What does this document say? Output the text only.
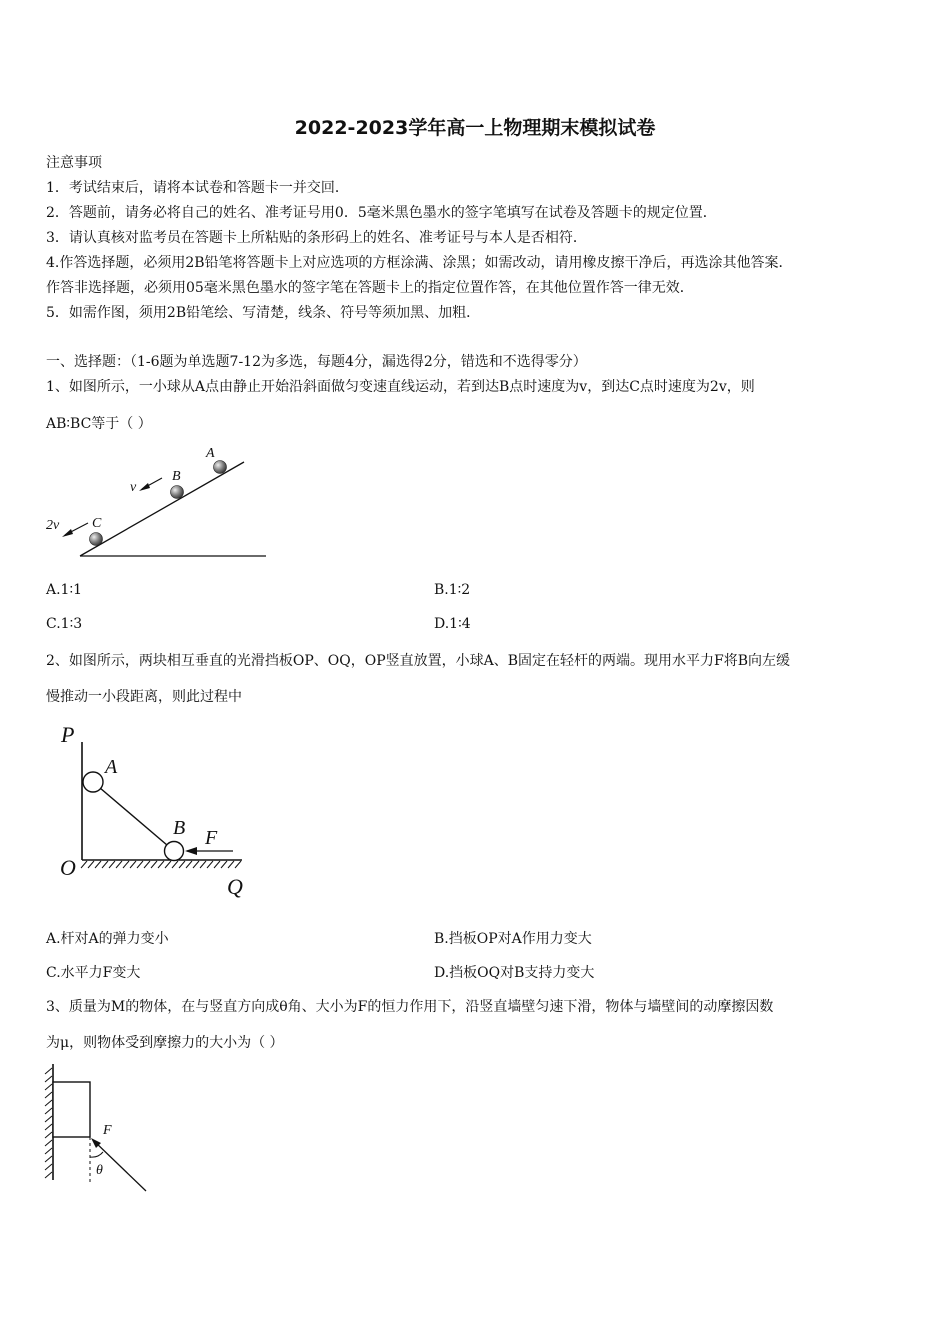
2022-2023学年高一上物理期末模拟试卷
注意事项
1．考试结束后，请将本试卷和答题卡一并交回．
2．答题前，请务必将自己的姓名、准考证号用0．5毫米黑色墨水的签字笔填写在试卷及答题卡的规定位置．
3．请认真核对监考员在答题卡上所粘贴的条形码上的姓名、准考证号与本人是否相符．
4.作答选择题，必须用2B铅笔将答题卡上对应选项的方框涂满、涂黑；如需改动，请用橡皮擦干净后，再选涂其他答案．
作答非选择题，必须用05毫米黑色墨水的签字笔在答题卡上的指定位置作答，在其他位置作答一律无效．
5．如需作图，须用2B铅笔绘、写清楚，线条、符号等须加黑、加粗．
一、选择题：（1-6题为单选题7-12为多选，每题4分，漏选得2分，错选和不选得零分）
1、如图所示，一小球从A点由静止开始沿斜面做匀变速直线运动，若到达B点时速度为v，到达C点时速度为2v，则
AB∶BC等于（ ）
A
B
C
v
2v
A.1∶1	B.1∶2
C.1∶3	D.1∶4
2、如图所示，两块相互垂直的光滑挡板OP、OQ，OP竖直放置，小球A、B固定在轻杆的两端。现用水平力F将B向左缓
慢推动一小段距离，则此过程中
P
A
B F
O
Q
A.杆对A的弹力变小	B.挡板OP对A作用力变大
C.水平力F变大	D.挡板OQ对B支持力变大
3、质量为M的物体，在与竖直方向成θ角、大小为F的恒力作用下，沿竖直墙壁匀速下滑，物体与墙壁间的动摩擦因数
为μ，则物体受到摩擦力的大小为（ ）
F
θ
